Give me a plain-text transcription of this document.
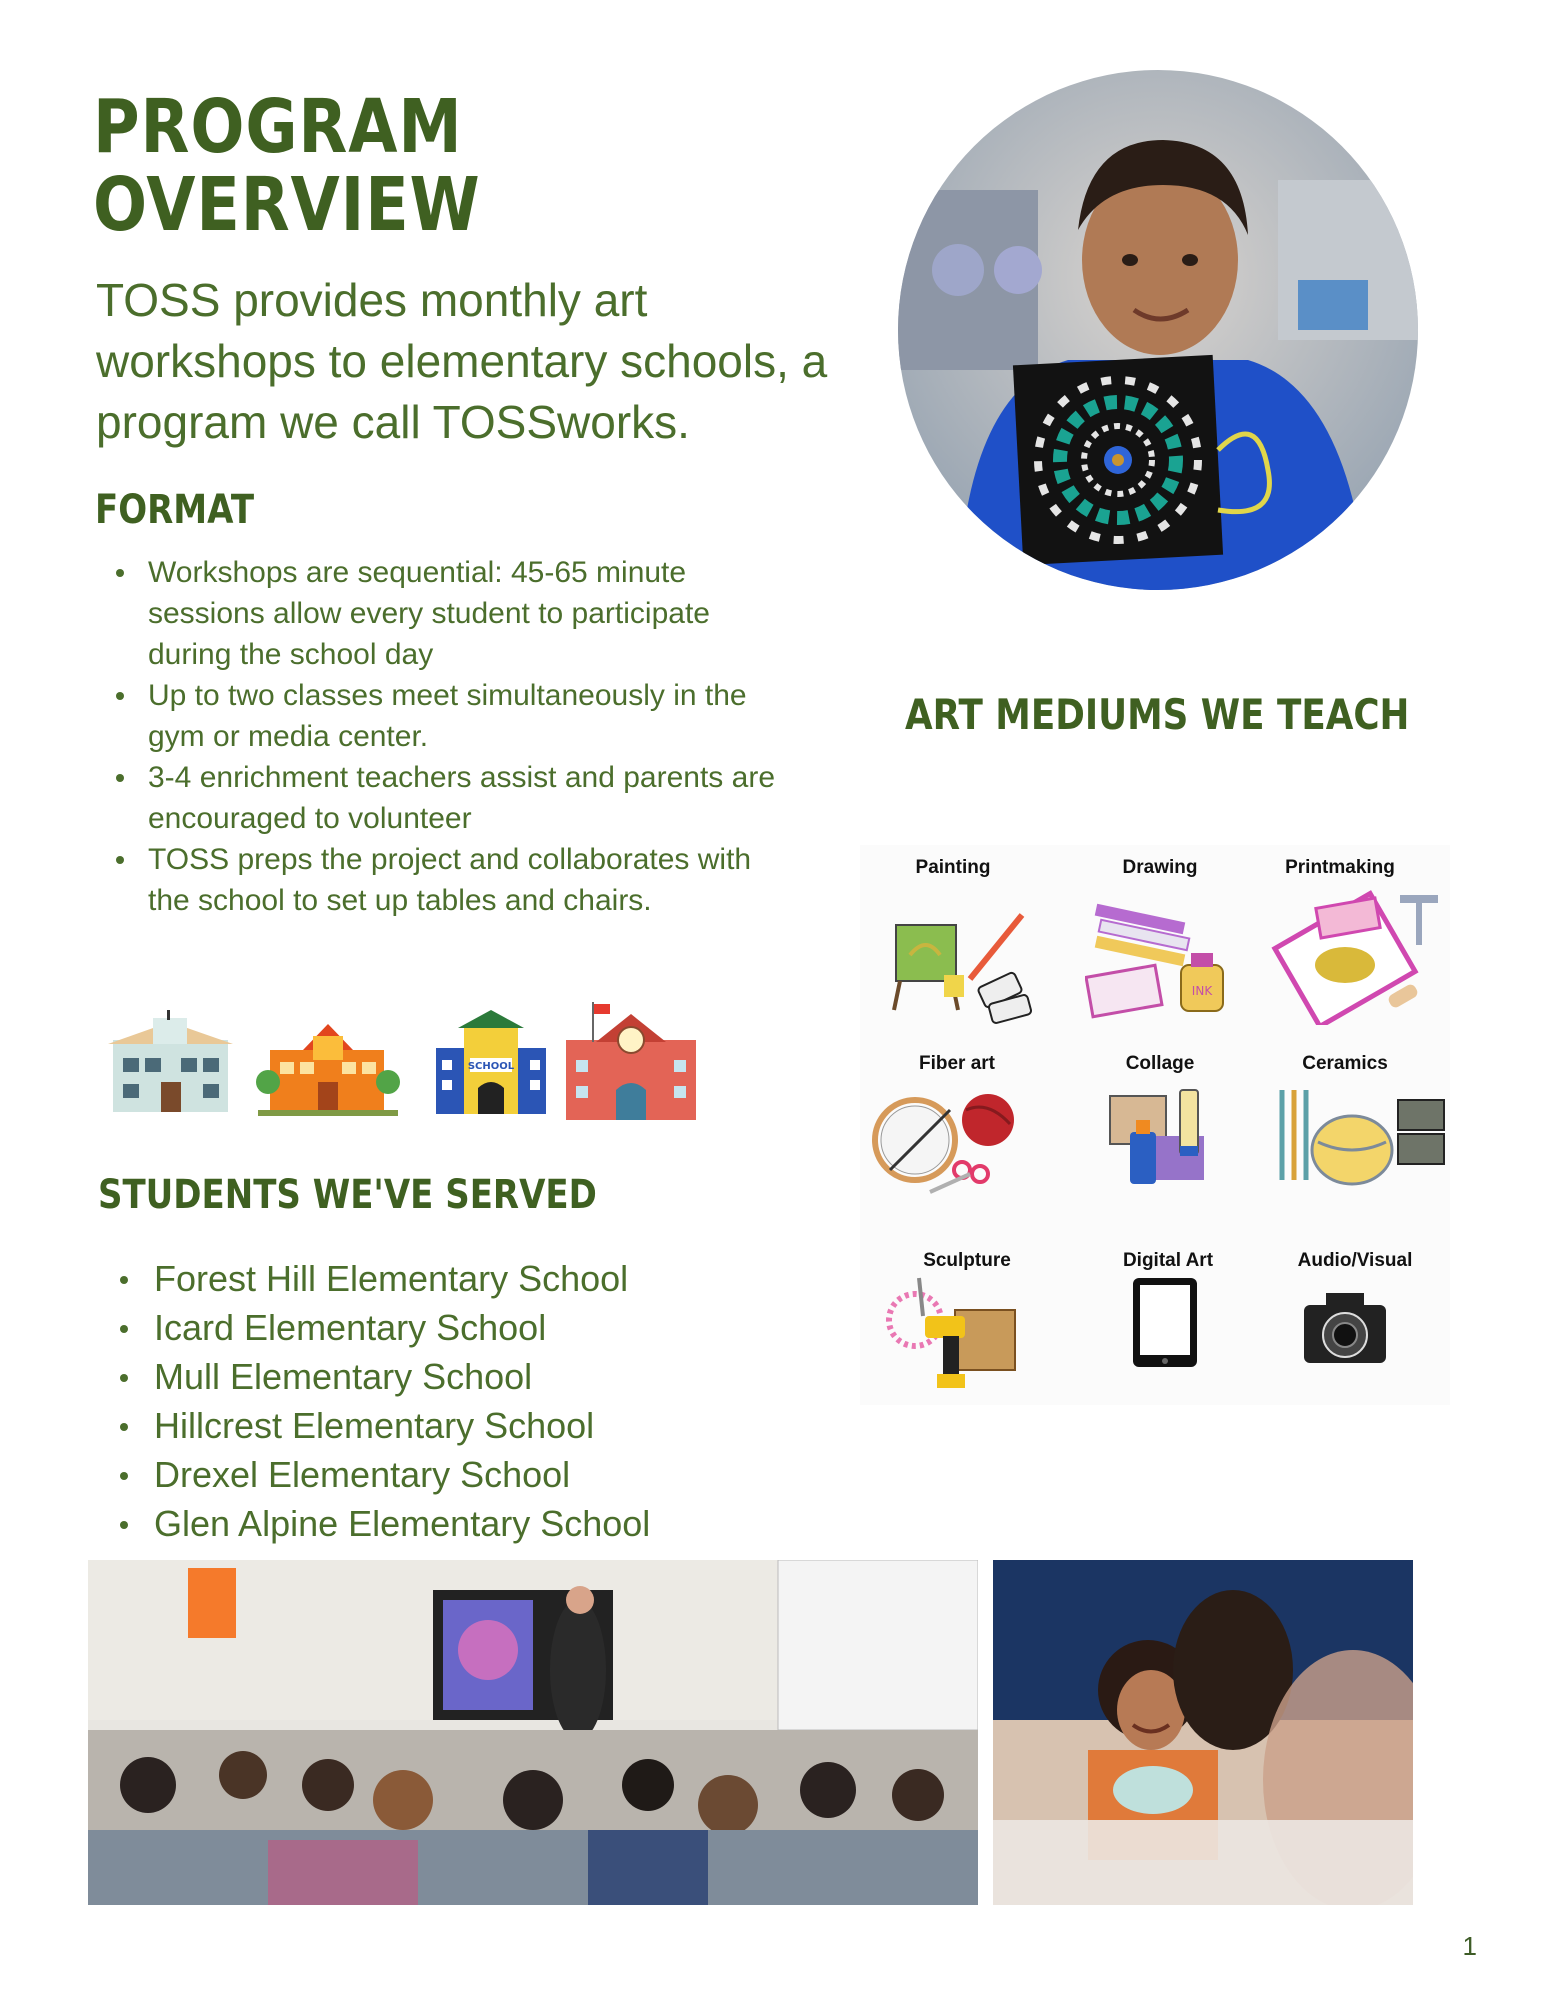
PROGRAM
OVERVIEW
TOSS provides monthly art workshops to elementary schools, a program we call TOSSworks.
FORMAT
Workshops are sequential: 45-65 minute sessions allow every student to participate during the school day
Up to two classes meet simultaneously in the gym or media center.
3-4 enrichment teachers assist and parents are encouraged to volunteer
TOSS preps the project and collaborates with the school to set up tables and chairs.
SCHOOL
STUDENTS WE'VE SERVED
Forest Hill Elementary School
Icard Elementary School
Mull Elementary School
Hillcrest Elementary School
Drexel Elementary School
Glen Alpine Elementary School
ART MEDIUMS WE TEACH
Painting	Drawing	Printmaking
INK
Fiber art	Collage	Ceramics
Sculpture	Digital Art	Audio/Visual
1
